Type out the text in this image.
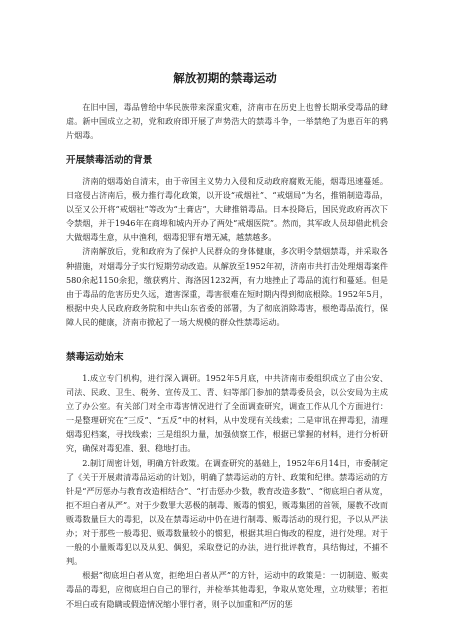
解放初期的禁毒运动

在旧中国，毒品曾给中华民族带来深重灾难，济南市在历史上也曾长期承受毒品的肆虐。新中国成立之初，党和政府即开展了声势浩大的禁毒斗争，一举禁绝了为患百年的鸦片烟毒。

开展禁毒活动的背景

济南的烟毒始自清末，由于帝国主义势力入侵和反动政府腐败无能，烟毒迅速蔓延。日寇侵占济南后，极力推行毒化政策，以开设“戒烟社”、“戒烟局”为名，推销制造毒品，以至又公开将“戒烟社”等改为“土膏店”，大肆推销毒品。日本投降后，国民党政府再次下令禁烟，并于1946年在商埠和城内开办了两处“戒烟医院”。然而，其军政人员却借此机会大做烟毒生意，从中渔利，烟毒犯罪有增无减，越禁越多。

济南解放后，党和政府为了保护人民群众的身体健康，多次明令禁烟禁毒，并采取各种措施，对烟毒分子实行短期劳动改造。从解放至1952年初，济南市共打击处理烟毒案件580余起1150余犯，缴获鸦片、海洛因1232两，有力地挫止了毒品的流行和蔓延。但是由于毒品的危害历史久远，遗害深重，毒害很难在短时期内得到彻底根除。1952年5月，根据中央人民政府政务院和中共山东省委的部署，为了彻底消除毒害，根绝毒品流行，保障人民的健康，济南市掀起了一场大规模的群众性禁毒运动。

禁毒运动始末

1.成立专门机构，进行深入调研。1952年5月底，中共济南市委组织成立了由公安、司法、民政、卫生、税务、宣传及工、青、妇等部门参加的禁毒委员会，以公安局为主成立了办公室。有关部门对全市毒害情况进行了全面调查研究，调查工作从几个方面进行：一是整理研究在“三反”、“五反”中的材料，从中发现有关线索；二是审讯在押毒犯，清理烟毒犯档案，寻找线索；三是组织力量，加强侦察工作，根据已掌握的材料，进行分析研究，确保对毒犯准、狠、稳地打击。

2.制订周密计划，明确方针政策。在调查研究的基础上，1952年6月14日，市委制定了《关于开展肃清毒品运动的计划》，明确了禁毒运动的方针、政策和纪律。禁毒运动的方针是“严厉惩办与教育改造相结合”、“打击惩办少数，教育改造多数”、“彻底坦白者从宽，拒不坦白者从严”。对于少数罪大恶极的制毒、贩毒的惯犯，贩毒集团的首领，屡教不改而贩毒数量巨大的毒犯，以及在禁毒运动中仍在进行制毒、贩毒活动的现行犯，予以从严法办；对于那些一般毒犯、贩毒数量较小的惯犯，根据其坦白悔改的程度，进行处理。对于一般的小量贩毒犯以及从犯、偶犯，采取登记的办法，进行批评教育，具结悔过，不捕不判。

根据“彻底坦白者从宽，拒绝坦白者从严”的方针，运动中的政策是：一切制造、贩卖毒品的毒犯，应彻底坦白自己的罪行，并检举其他毒犯，争取从宽处理，立功赎罪；若拒不坦白或有隐瞒或假造情况缩小罪行者，则予以加重和严厉的惩
